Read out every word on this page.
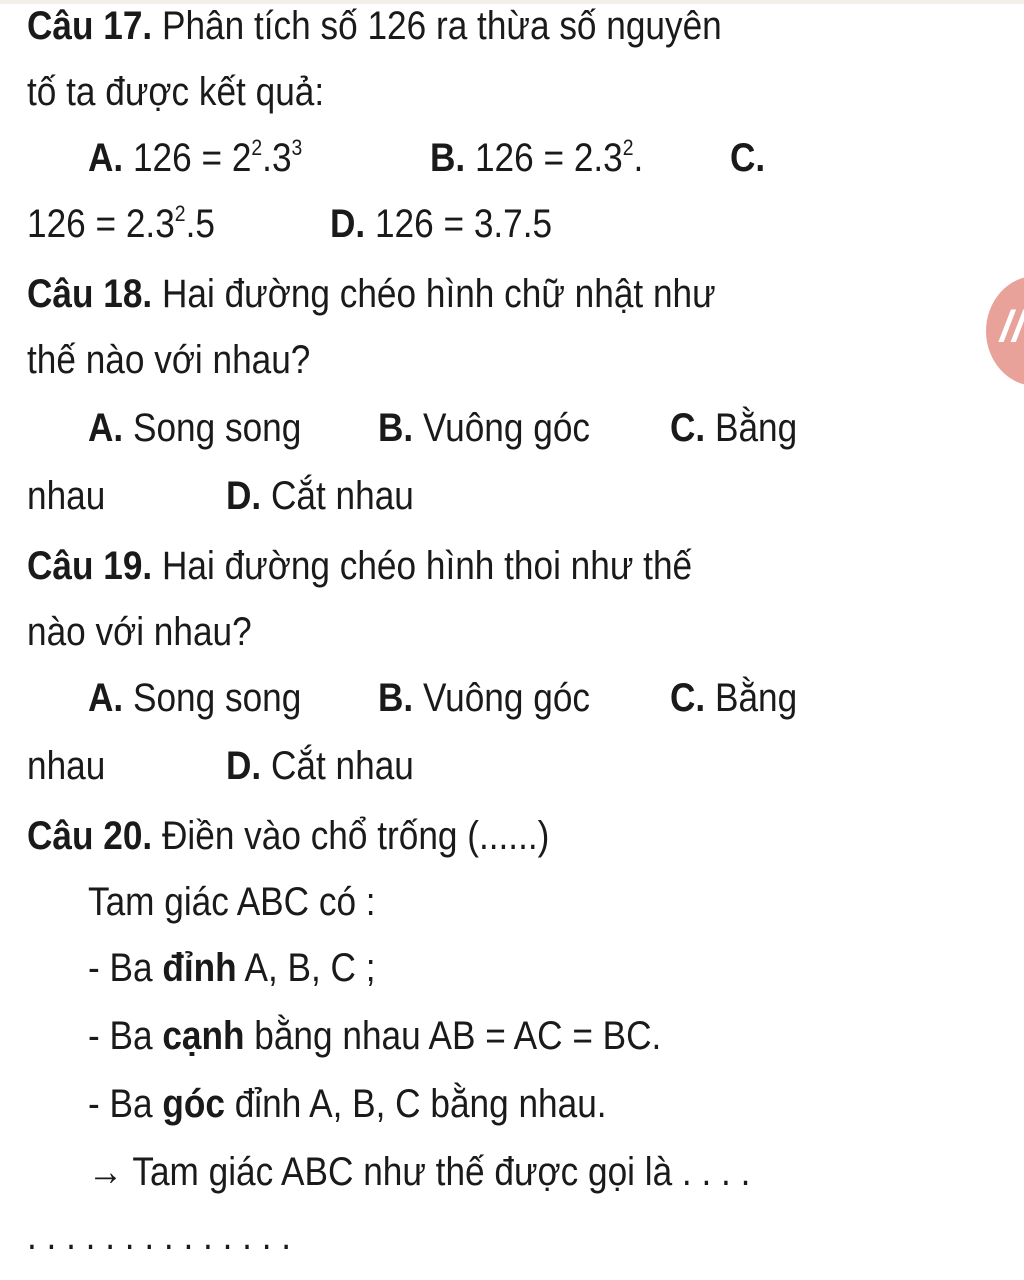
Câu 17. Phân tích số 126 ra thừa số nguyên
tố ta được kết quả:
A. $126 = 2^2.3^3$	B. $126 = 2.3^2$. C.
$126 = 2.3^2.5$	D. 126 = 3.7.5
Câu 18. Hai đường chéo hình chữ nhật như
thế nào với nhau?
A. Song song B. Vuông góc C. Bằng
nhau	D. Cắt nhau
Câu 19. Hai đường chéo hình thoi như thế
nào với nhau?
A. Song song B. Vuông góc C. Bằng
nhau	D. Cắt nhau
Câu 20. Điền vào chổ trống (......)
Tam giác ABC có :
- Ba đỉnh A, B, C ;
- Ba cạnh bằng nhau AB = AC = BC.
- Ba góc đỉnh A, B, C bằng nhau.
→ Tam giác ABC như thế được gọi là . . . .
. . . . . . . . . . . . . .
//
